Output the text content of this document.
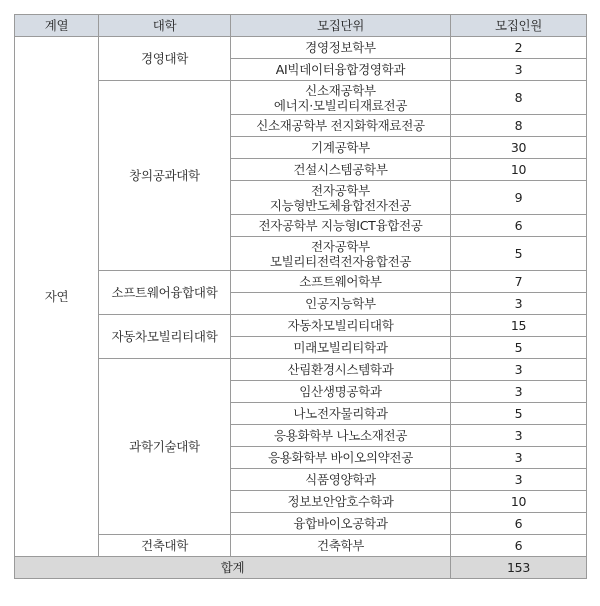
계열	대학	모집단위	모집인원
자연	경영대학	경영정보학부	2

		AI빅데이터융합경영학과	3
	창의공과대학	신소재공학부
에너지·모빌리티재료전공	8

		신소재공학부 전지화학재료전공	8

		기계공학부	30

		건설시스템공학부	10

		전자공학부
지능형반도체융합전자전공	9

		전자공학부 지능형ICT융합전공	6

		전자공학부
모빌리티전력전자융합전공	5
	소프트웨어융합대학	소프트웨어학부	7

		인공지능학부	3
	자동차모빌리티대학	자동차모빌리티대학	15

		미래모빌리티학과	5
	과학기술대학	산림환경시스템학과	3

		임산생명공학과	3

		나노전자물리학과	5

		응용화학부 나노소재전공	3

		응용화학부 바이오의약전공	3

		식품영양학과	3

		정보보안암호수학과	10

		융합바이오공학과	6
	건축대학	건축학부	6
합계			153
